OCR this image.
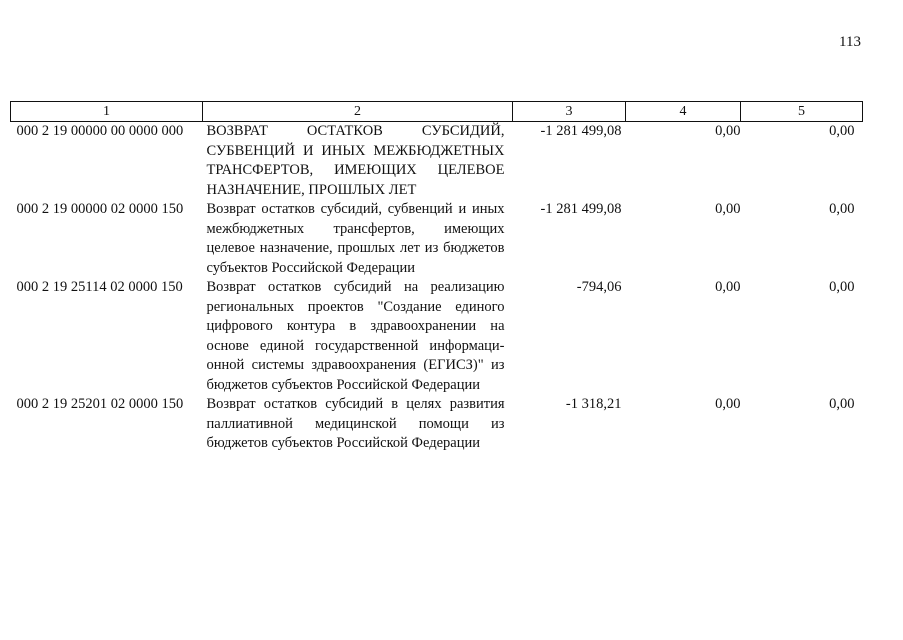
113
1	2	3	4	5
000 2 19 00000 00 0000 000	ВОЗВРАТ ОСТАТКОВ СУБСИДИЙ, СУБВЕНЦИЙ И ИНЫХ МЕЖБЮДЖЕТНЫХ ТРАНСФЕРТОВ, ИМЕЮЩИХ ЦЕЛЕВОЕ НАЗНАЧЕНИЕ, ПРОШЛЫХ ЛЕТ	-1 281 499,08	0,00	0,00
000 2 19 00000 02 0000 150	Возврат остатков субсидий, субвенций и иных межбюджетных трансфертов, имеющих целевое назначение, прошлых лет из бюджетов субъектов Российской Федерации	-1 281 499,08	0,00	0,00
000 2 19 25114 02 0000 150	Возврат остатков субсидий на реализацию региональных проектов "Создание единого цифрового контура в здравоохранении на основе единой государственной информаци-онной системы здравоохранения (ЕГИСЗ)" из бюджетов субъектов Российской Федерации	-794,06	0,00	0,00
000 2 19 25201 02 0000 150	Возврат остатков субсидий в целях развития паллиативной медицинской помощи из бюджетов субъектов Российской Федерации	-1 318,21	0,00	0,00
